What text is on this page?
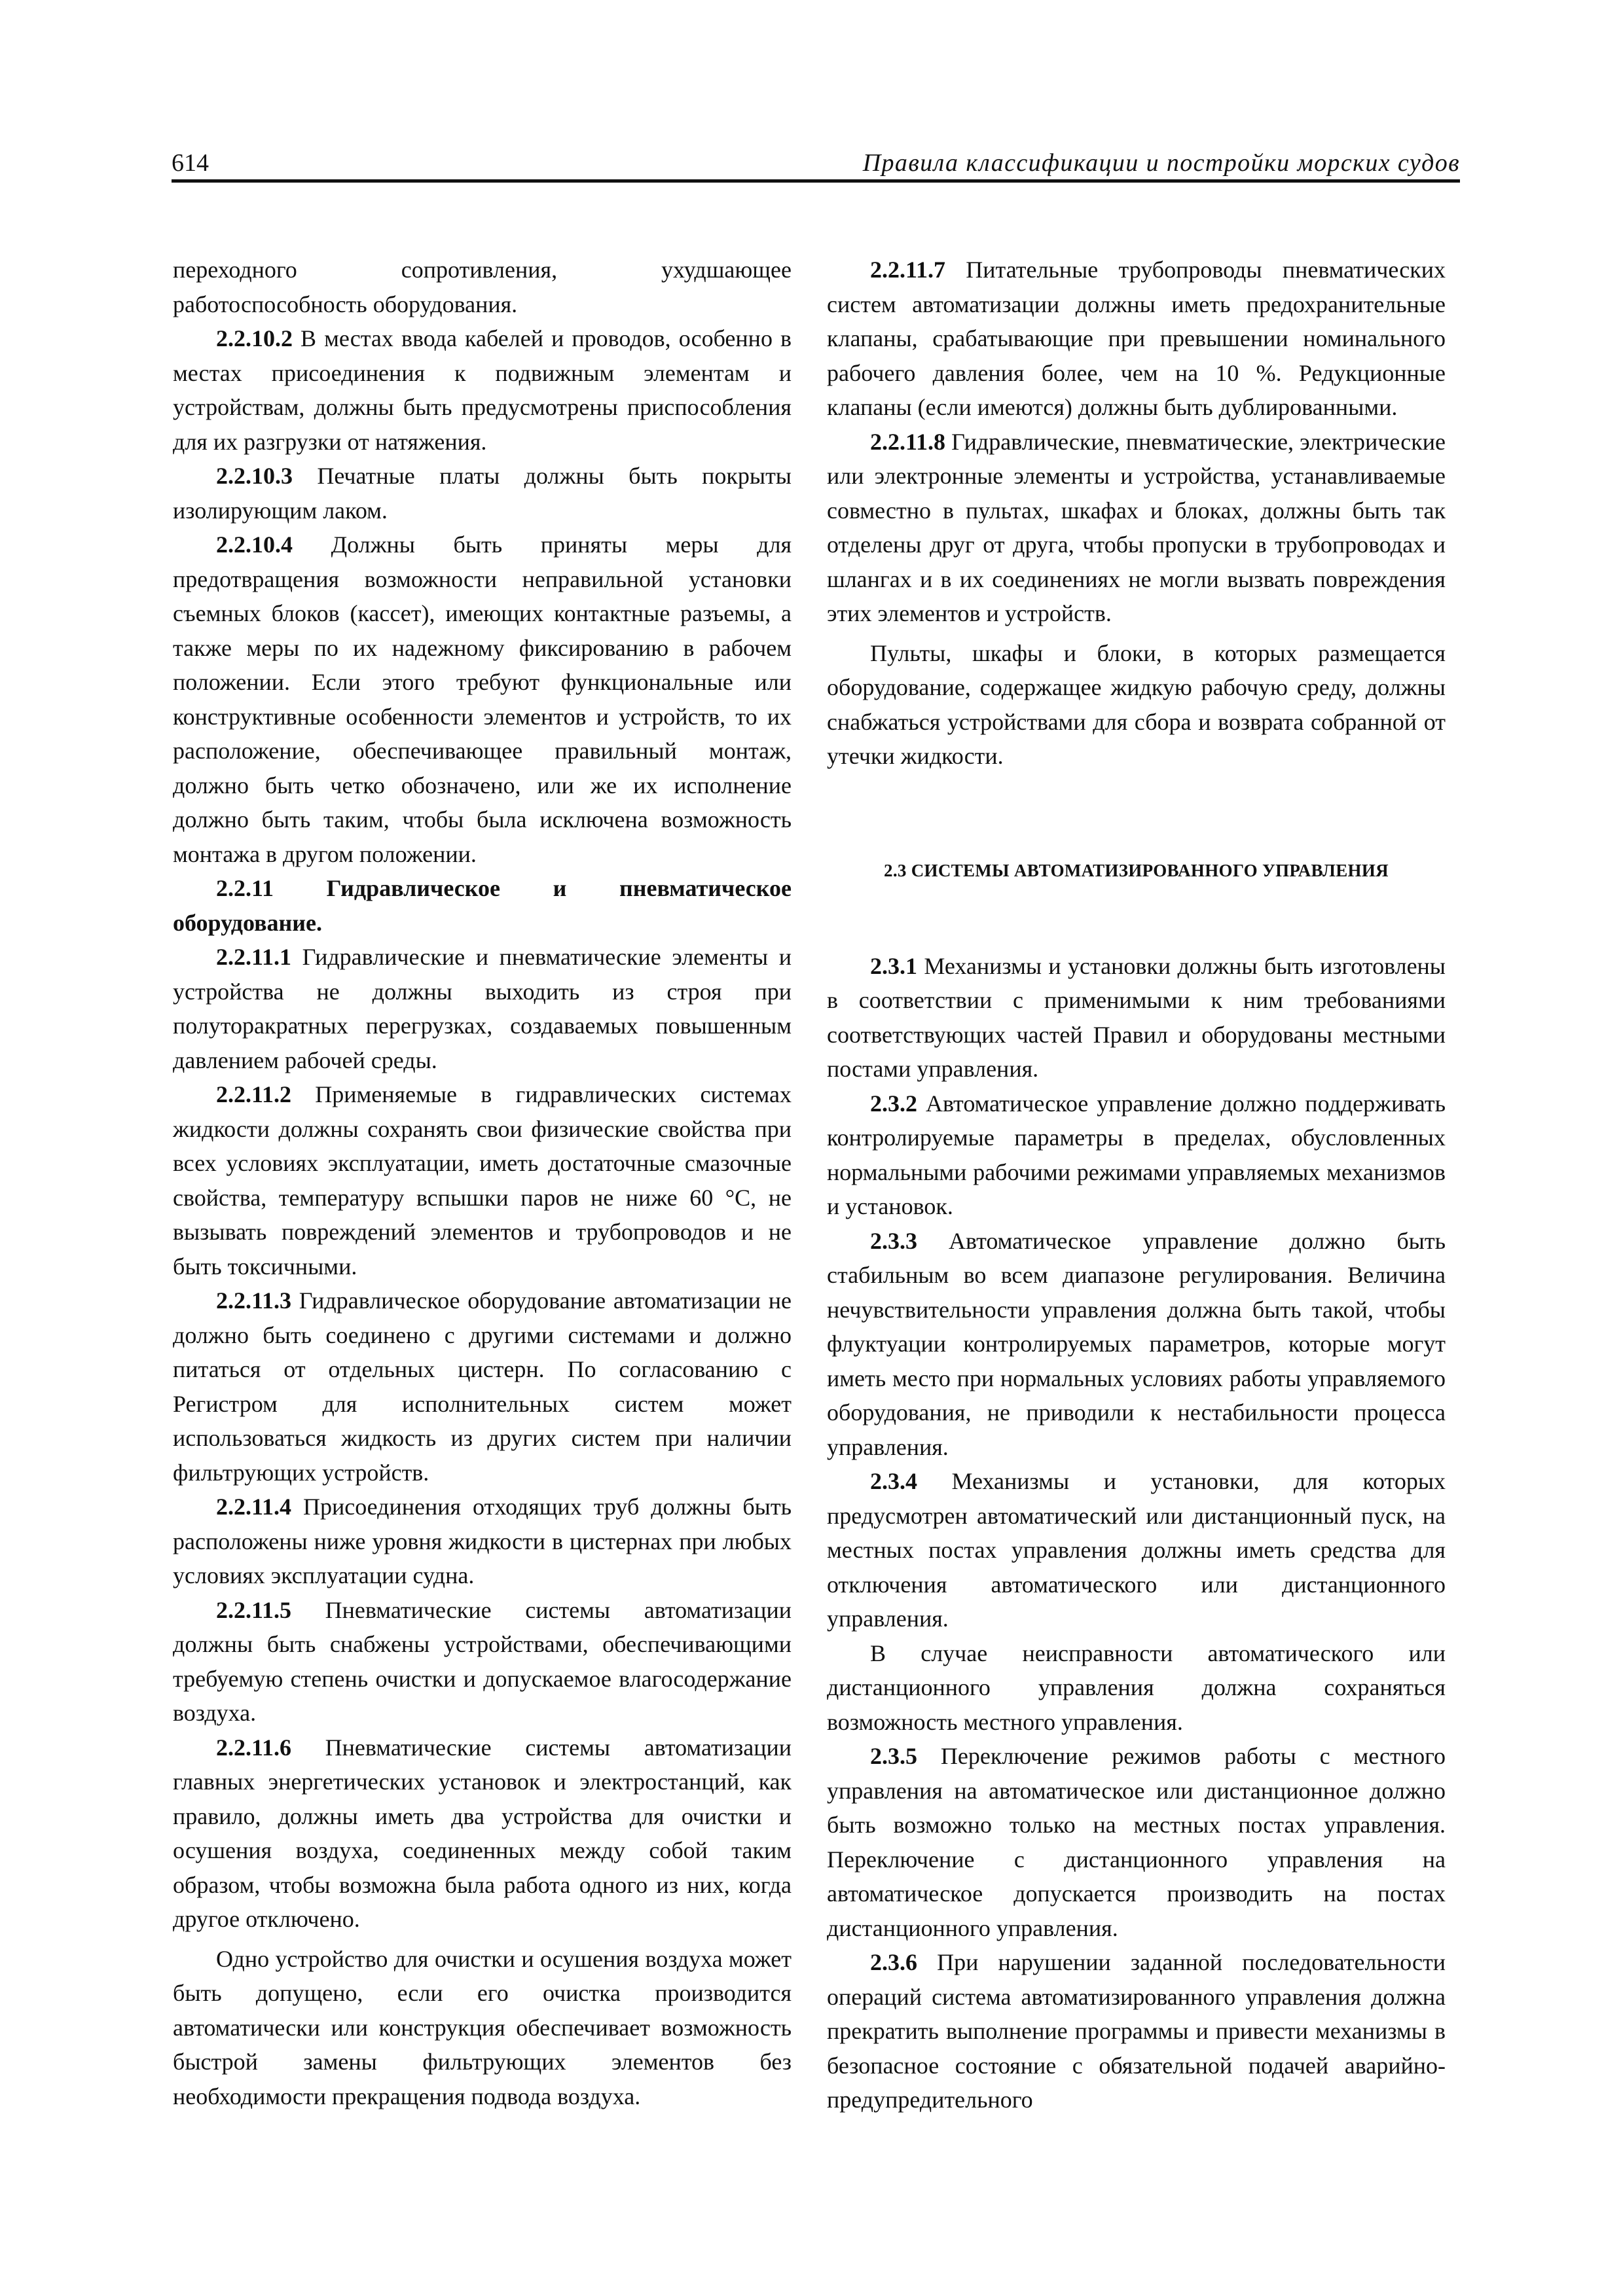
614	Правила классификации и постройки морских судов

переходного сопротивления, ухудшающее работоспособность оборудования.

2.2.10.2 В местах ввода кабелей и проводов, особенно в местах присоединения к подвижным элементам и устройствам, должны быть предусмотрены приспособления для их разгрузки от натяжения.

2.2.10.3 Печатные платы должны быть покрыты изолирующим лаком.

2.2.10.4 Должны быть приняты меры для предотвращения возможности неправильной установки съемных блоков (кассет), имеющих контактные разъемы, а также меры по их надежному фиксированию в рабочем положении. Если этого требуют функциональные или конструктивные особенности элементов и устройств, то их расположение, обеспечивающее правильный монтаж, должно быть четко обозначено, или же их исполнение должно быть таким, чтобы была исключена возможность монтажа в другом положении.

2.2.11 Гидравлическое и пневматическое оборудование.

2.2.11.1 Гидравлические и пневматические элементы и устройства не должны выходить из строя при полуторакратных перегрузках, создаваемых повышенным давлением рабочей среды.

2.2.11.2 Применяемые в гидравлических системах жидкости должны сохранять свои физические свойства при всех условиях эксплуатации, иметь достаточные смазочные свойства, температуру вспышки паров не ниже 60 °С, не вызывать повреждений элементов и трубопроводов и не быть токсичными.

2.2.11.3 Гидравлическое оборудование автоматизации не должно быть соединено с другими системами и должно питаться от отдельных цистерн. По согласованию с Регистром для исполнительных систем может использоваться жидкость из других систем при наличии фильтрующих устройств.

2.2.11.4 Присоединения отходящих труб должны быть расположены ниже уровня жидкости в цистернах при любых условиях эксплуатации судна.

2.2.11.5 Пневматические системы автоматизации должны быть снабжены устройствами, обеспечивающими требуемую степень очистки и допускаемое влагосодержание воздуха.

2.2.11.6 Пневматические системы автоматизации главных энергетических установок и электростанций, как правило, должны иметь два устройства для очистки и осушения воздуха, соединенных между собой таким образом, чтобы возможна была работа одного из них, когда другое отключено.

Одно устройство для очистки и осушения воздуха может быть допущено, если его очистка производится автоматически или конструкция обеспечивает возможность быстрой замены фильтрующих элементов без необходимости прекращения подвода воздуха.

2.2.11.7 Питательные трубопроводы пневматических систем автоматизации должны иметь предохранительные клапаны, срабатывающие при превышении номинального рабочего давления более, чем на 10 %. Редукционные клапаны (если имеются) должны быть дублированными.

2.2.11.8 Гидравлические, пневматические, электрические или электронные элементы и устройства, устанавливаемые совместно в пультах, шкафах и блоках, должны быть так отделены друг от друга, чтобы пропуски в трубопроводах и шлангах и в их соединениях не могли вызвать повреждения этих элементов и устройств.

Пульты, шкафы и блоки, в которых размещается оборудование, содержащее жидкую рабочую среду, должны снабжаться устройствами для сбора и возврата собранной от утечки жидкости.

2.3 СИСТЕМЫ АВТОМАТИЗИРОВАННОГО УПРАВЛЕНИЯ

2.3.1 Механизмы и установки должны быть изготовлены в соответствии с применимыми к ним требованиями соответствующих частей Правил и оборудованы местными постами управления.

2.3.2 Автоматическое управление должно поддерживать контролируемые параметры в пределах, обусловленных нормальными рабочими режимами управляемых механизмов и установок.

2.3.3 Автоматическое управление должно быть стабильным во всем диапазоне регулирования. Величина нечувствительности управления должна быть такой, чтобы флуктуации контролируемых параметров, которые могут иметь место при нормальных условиях работы управляемого оборудования, не приводили к нестабильности процесса управления.

2.3.4 Механизмы и установки, для которых предусмотрен автоматический или дистанционный пуск, на местных постах управления должны иметь средства для отключения автоматического или дистанционного управления.

В случае неисправности автоматического или дистанционного управления должна сохраняться возможность местного управления.

2.3.5 Переключение режимов работы с местного управления на автоматическое или дистанционное должно быть возможно только на местных постах управления. Переключение с дистанционного управления на автоматическое допускается производить на постах дистанционного управления.

2.3.6 При нарушении заданной последовательности операций система автоматизированного управления должна прекратить выполнение программы и привести механизмы в безопасное состояние с обязательной подачей аварийно-предупредительного
